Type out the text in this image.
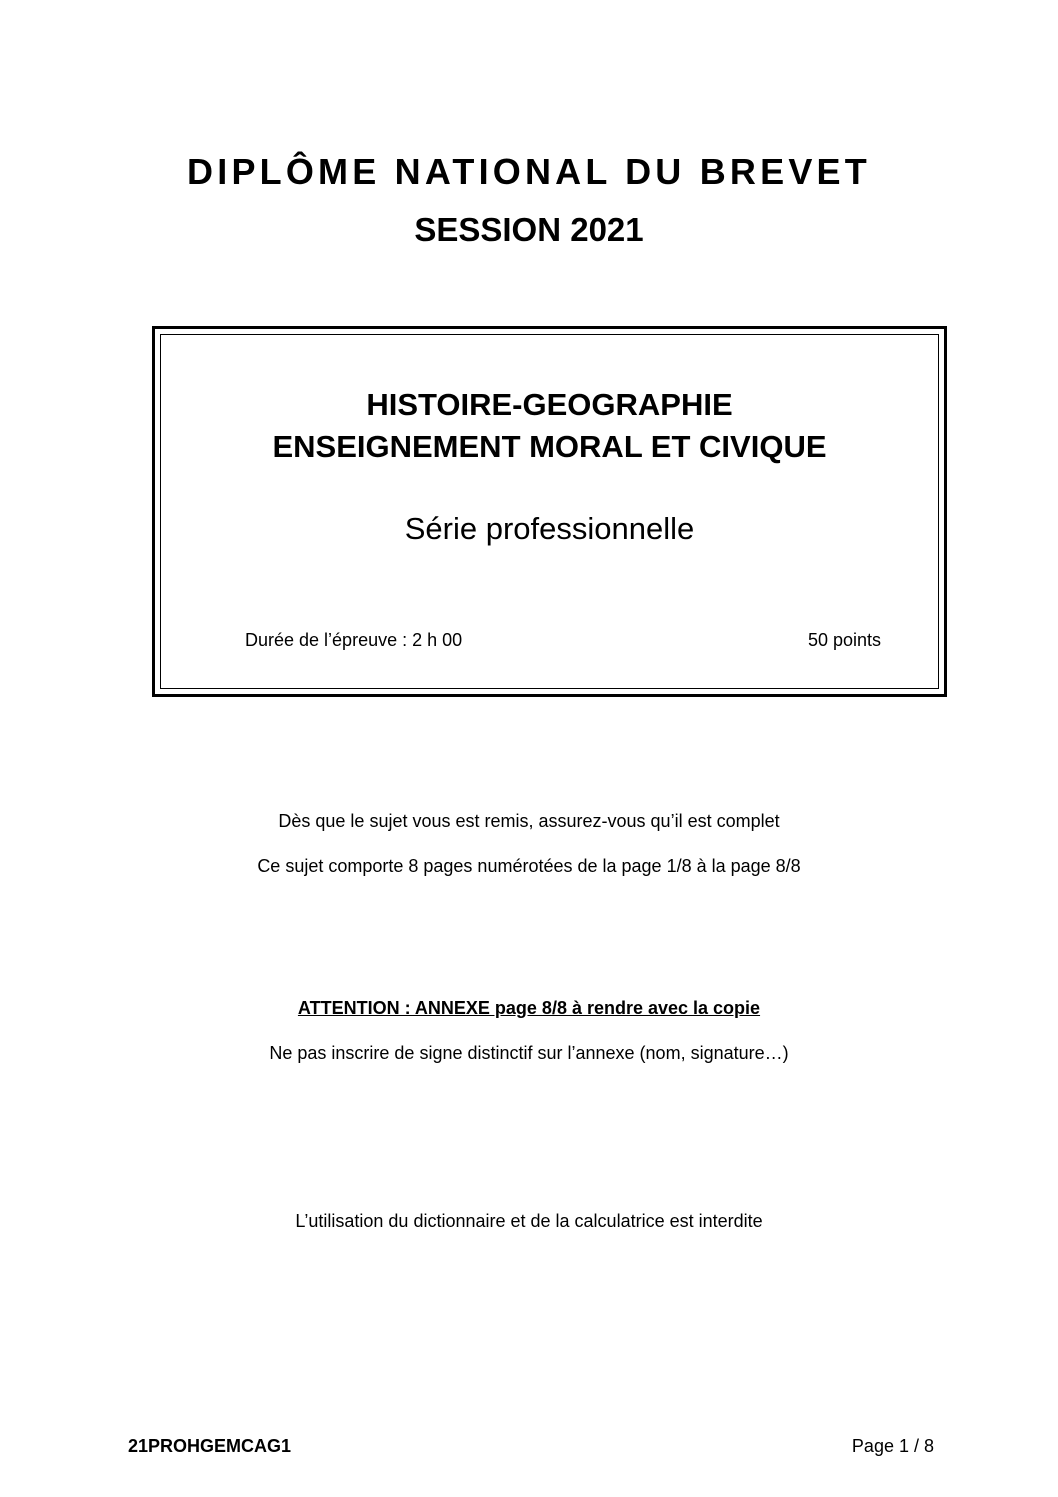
DIPLÔME NATIONAL DU BREVET
SESSION 2021
HISTOIRE-GEOGRAPHIE
ENSEIGNEMENT MORAL ET CIVIQUE
Série professionnelle
Durée de l’épreuve : 2 h 00	50 points
Dès que le sujet vous est remis, assurez-vous qu’il est complet
Ce sujet comporte 8 pages numérotées de la page 1/8 à la page 8/8
ATTENTION : ANNEXE page 8/8 à rendre avec la copie
Ne pas inscrire de signe distinctif sur l’annexe (nom, signature…)
L’utilisation du dictionnaire et de la calculatrice est interdite
21PROHGEMCAG1	Page 1 / 8
